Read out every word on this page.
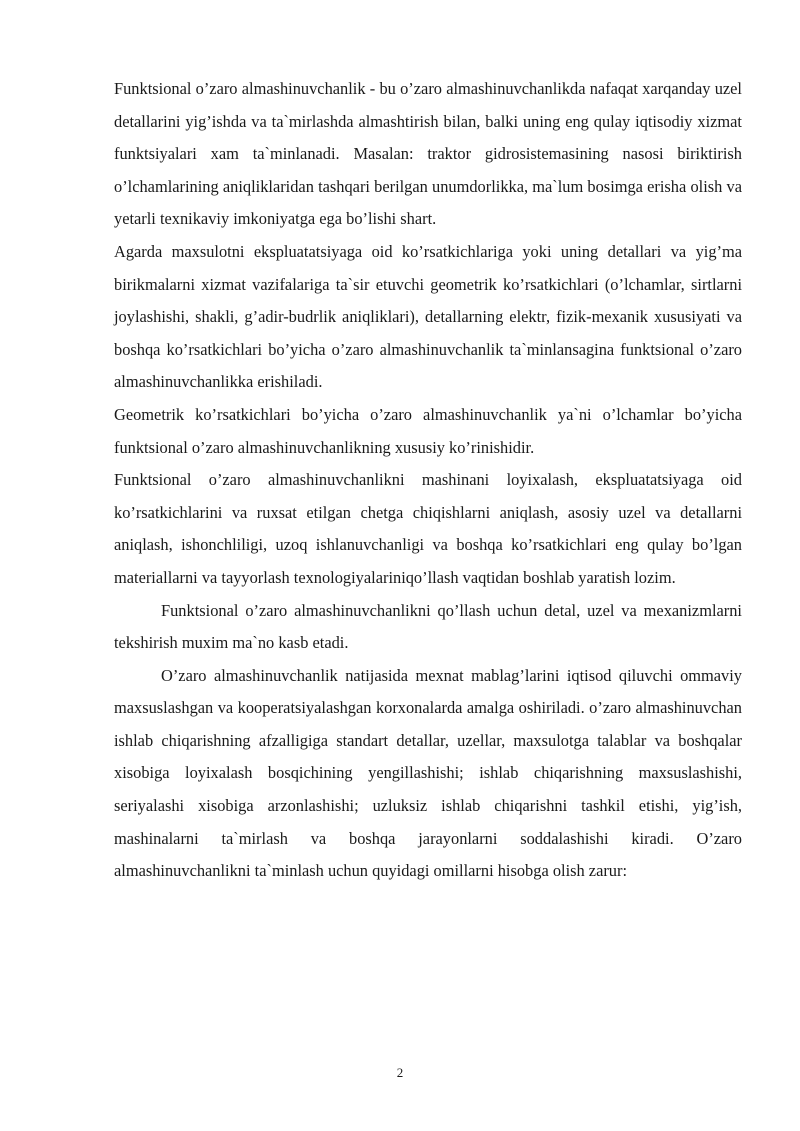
Funktsional o’zaro almashinuvchanlik - bu o’zaro almashinuvchanlikda nafaqat xarqanday uzel detallarini yig’ishda va ta`mirlashda almashtirish bilan, balki uning eng qulay iqtisodiy xizmat funktsiyalari xam ta`minlanadi. Masalan: traktor gidrosistemasining nasosi biriktirish o’lchamlarining aniqliklaridan tashqari berilgan unumdorlikka, ma`lum bosimga erisha olish va yetarli texnikaviy imkoniyatga ega bo’lishi shart.

Agarda maxsulotni ekspluatatsiyaga oid ko’rsatkichlariga yoki uning detallari va yig’ma birikmalarni xizmat vazifalariga ta`sir etuvchi geometrik ko’rsatkichlari (o’lchamlar, sirtlarni joylashishi, shakli, g’adir-budrlik aniqliklari), detallarning elektr, fizik-mexanik xususiyati va boshqa ko’rsatkichlari bo’yicha o’zaro almashinuvchanlik ta`minlansagina funktsional o’zaro almashinuvchanlikka erishiladi.

Geometrik ko’rsatkichlari bo’yicha o’zaro almashinuvchanlik ya`ni o’lchamlar bo’yicha funktsional o’zaro almashinuvchanlikning xususiy ko’rinishidir.

Funktsional o’zaro almashinuvchanlikni mashinani loyixalash, ekspluatatsiyaga oid ko’rsatkichlarini va ruxsat etilgan chetga chiqishlarni aniqlash, asosiy uzel va detallarni aniqlash, ishonchliligi, uzoq ishlanuvchanligi va boshqa ko’rsatkichlari eng qulay bo’lgan materiallarni va tayyorlash texnologiyalariniqo’llash vaqtidan boshlab yaratish lozim.

Funktsional o’zaro almashinuvchanlikni qo’llash uchun detal, uzel va mexanizmlarni tekshirish muxim ma`no kasb etadi.

O’zaro almashinuvchanlik natijasida mexnat mablag’larini iqtisod qiluvchi ommaviy maxsuslashgan va kooperatsiyalashgan korxonalarda amalga oshiriladi. o’zaro almashinuvchan ishlab chiqarishning afzalligiga standart detallar, uzellar, maxsulotga talablar va boshqalar xisobiga loyixalash bosqichining yengillashishi; ishlab chiqarishning maxsuslashishi, seriyalashi xisobiga arzonlashishi; uzluksiz ishlab chiqarishni tashkil etishi, yig’ish, mashinalarni ta`mirlash va boshqa jarayonlarni soddalashishi kiradi. O’zaro almashinuvchanlikni ta`minlash uchun quyidagi omillarni hisobga olish zarur:

2
